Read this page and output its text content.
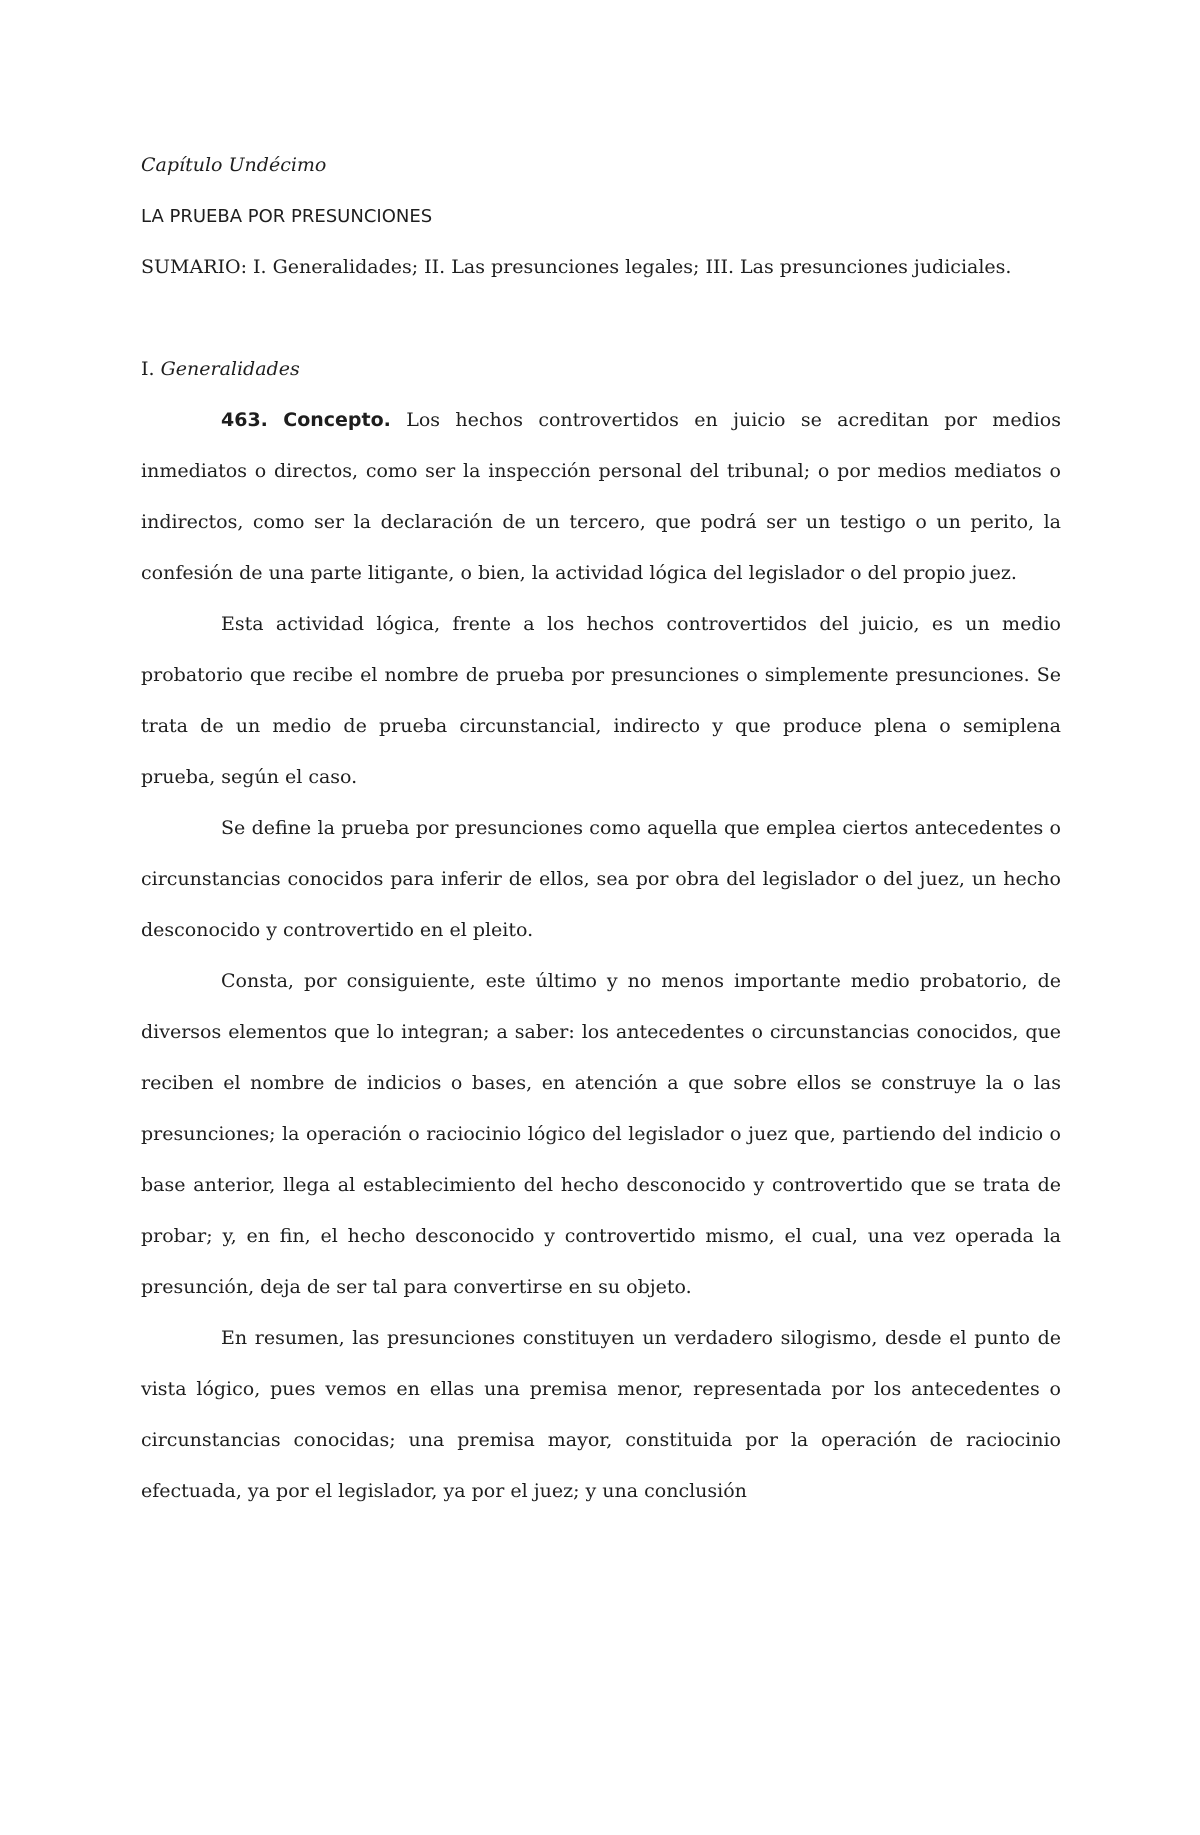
Capítulo Undécimo

LA PRUEBA POR PRESUNCIONES

SUMARIO: I. Generalidades; II. Las presunciones legales; III. Las presunciones judiciales.

I. Generalidades

463. Concepto. Los hechos controvertidos en juicio se acreditan por medios inmediatos o directos, como ser la inspección personal del tribunal; o por medios mediatos o indirectos, como ser la declaración de un tercero, que podrá ser un testigo o un perito, la confesión de una parte litigante, o bien, la actividad lógica del legislador o del propio juez.

Esta actividad lógica, frente a los hechos controvertidos del juicio, es un medio probatorio que recibe el nombre de prueba por presunciones o simplemente presunciones. Se trata de un medio de prueba circunstancial, indirecto y que produce plena o semiplena prueba, según el caso.

Se define la prueba por presunciones como aquella que emplea ciertos antecedentes o circunstancias conocidos para inferir de ellos, sea por obra del legislador o del juez, un hecho desconocido y controvertido en el pleito.

Consta, por consiguiente, este último y no menos importante medio probatorio, de diversos elementos que lo integran; a saber: los antecedentes o circunstancias conocidos, que reciben el nombre de indicios o bases, en atención a que sobre ellos se construye la o las presunciones; la operación o raciocinio lógico del legislador o juez que, partiendo del indicio o base anterior, llega al establecimiento del hecho desconocido y controvertido que se trata de probar; y, en fin, el hecho desconocido y controvertido mismo, el cual, una vez operada la presunción, deja de ser tal para convertirse en su objeto.

En resumen, las presunciones constituyen un verdadero silogismo, desde el punto de vista lógico, pues vemos en ellas una premisa menor, representada por los antecedentes o circunstancias conocidas; una premisa mayor, constituida por la operación de raciocinio efectuada, ya por el legislador, ya por el juez; y una conclusión
